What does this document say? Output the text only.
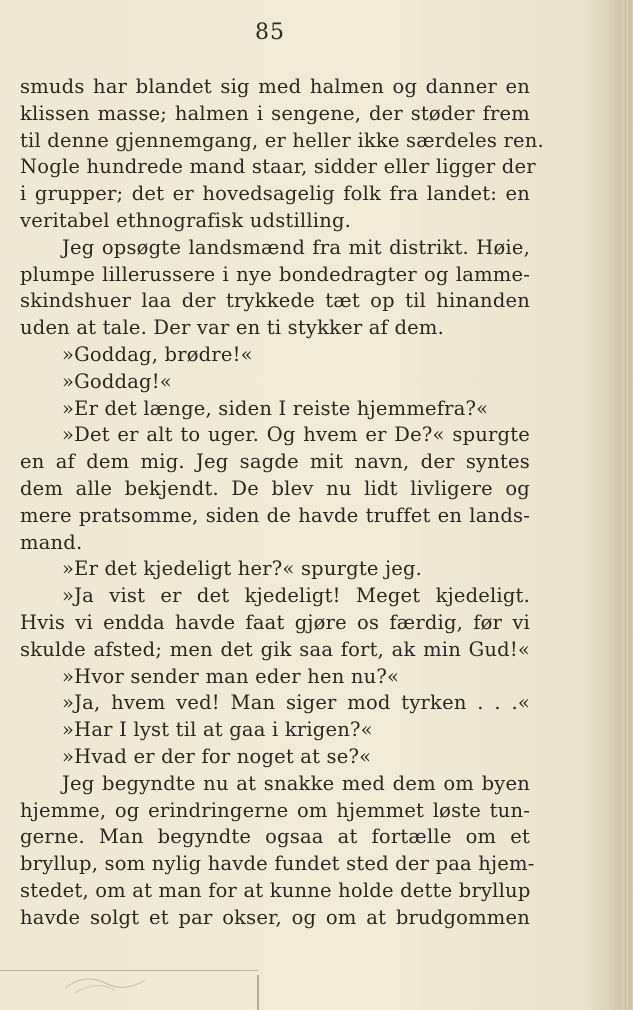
85
smuds har blandet sig med halmen og danner en
klissen masse; halmen i sengene, der støder frem
til denne gjennemgang, er heller ikke særdeles ren.
Nogle hundrede mand staar, sidder eller ligger der
i grupper; det er hovedsagelig folk fra landet: en
veritabel ethnografisk udstilling.
Jeg opsøgte landsmænd fra mit distrikt. Høie,
plumpe lillerussere i nye bondedragter og lamme-
skindshuer laa der trykkede tæt op til hinanden
uden at tale. Der var en ti stykker af dem.
»Goddag, brødre!«
»Goddag!«
»Er det længe, siden I reiste hjemmefra?«
»Det er alt to uger. Og hvem er De?« spurgte
en af dem mig. Jeg sagde mit navn, der syntes
dem alle bekjendt. De blev nu lidt livligere og
mere pratsomme, siden de havde truffet en lands-
mand.
»Er det kjedeligt her?« spurgte jeg.
»Ja vist er det kjedeligt! Meget kjedeligt.
Hvis vi endda havde faat gjøre os færdig, før vi
skulde afsted; men det gik saa fort, ak min Gud!«
»Hvor sender man eder hen nu?«
»Ja, hvem ved! Man siger mod tyrken . . .«
»Har I lyst til at gaa i krigen?«
»Hvad er der for noget at se?«
Jeg begyndte nu at snakke med dem om byen
hjemme, og erindringerne om hjemmet løste tun-
gerne. Man begyndte ogsaa at fortælle om et
bryllup, som nylig havde fundet sted der paa hjem-
stedet, om at man for at kunne holde dette bryllup
havde solgt et par okser, og om at brudgommen
